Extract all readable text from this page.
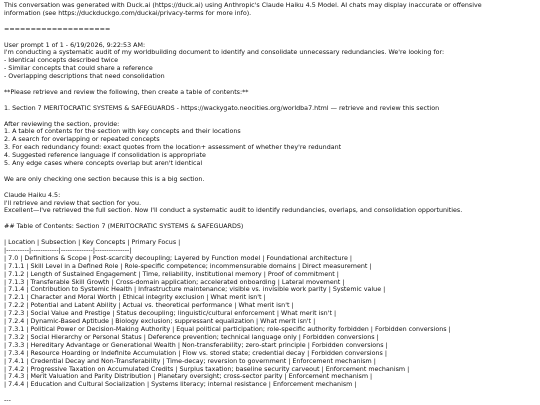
This conversation was generated with Duck.ai (https://duck.ai) using Anthropic's Claude Haiku 4.5 Model. AI chats may display inaccurate or offensive
information (see https://duckduckgo.com/duckai/privacy-terms for more info).
====================
User prompt 1 of 1 - 6/19/2026, 9:22:53 AM:
I'm conducting a systematic audit of my worldbuilding document to identify and consolidate unnecessary redundancies. We're looking for:
- Identical concepts described twice
- Similar concepts that could share a reference
- Overlapping descriptions that need consolidation
**Please retrieve and review the following, then create a table of contents:**
1. Section 7 MERITOCRATIC SYSTEMS & SAFEGUARDS - https://wackygato.neocities.org/worldba7.html — retrieve and review this section
After reviewing the section, provide:
1. A table of contents for the section with key concepts and their locations
2. A search for overlapping or repeated concepts
3. For each redundancy found: exact quotes from the location+ assessment of whether they're redundant
4. Suggested reference language if consolidation is appropriate
5. Any edge cases where concepts overlap but aren't identical
We are only checking one section because this is a big section.
Claude Haiku 4.5:
I'll retrieve and review that section for you.
Excellent—I've retrieved the full section. Now I'll conduct a systematic audit to identify redundancies, overlaps, and consolidation opportunities.
## Table of Contents: Section 7 (MERITOCRATIC SYSTEMS & SAFEGUARDS)
| Location | Subsection | Key Concepts | Primary Focus |
|----------|------------|--------------|---------------|
| 7.0 | Definitions & Scope | Post-scarcity decoupling; Layered by Function model | Foundational architecture |
| 7.1.1 | Skill Level in a Defined Role | Role-specific competence; incommensurable domains | Direct measurement |
| 7.1.2 | Length of Sustained Engagement | Time, reliability, institutional memory | Proof of commitment |
| 7.1.3 | Transferable Skill Growth | Cross-domain application; accelerated onboarding | Lateral movement |
| 7.1.4 | Contribution to Systemic Health | Infrastructure maintenance; visible vs. invisible work parity | Systemic value |
| 7.2.1 | Character and Moral Worth | Ethical integrity exclusion | What merit isn't |
| 7.2.2 | Potential and Latent Ability | Actual vs. theoretical performance | What merit isn't |
| 7.2.3 | Social Value and Prestige | Status decoupling; linguistic/cultural enforcement | What merit isn't |
| 7.2.4 | Dynamic-Based Aptitude | Biology exclusion; suppressant equalization | What merit isn't |
| 7.3.1 | Political Power or Decision-Making Authority | Equal political participation; role-specific authority forbidden | Forbidden conversions |
| 7.3.2 | Social Hierarchy or Personal Status | Deference prevention; technical language only | Forbidden conversions |
| 7.3.3 | Hereditary Advantage or Generational Wealth | Non-transferability; zero-start principle | Forbidden conversions |
| 7.3.4 | Resource Hoarding or Indefinite Accumulation | Flow vs. stored state; credential decay | Forbidden conversions |
| 7.4.1 | Credential Decay and Non-Transferability | Time-decay; reversion to government | Enforcement mechanism |
| 7.4.2 | Progressive Taxation on Accumulated Credits | Surplus taxation; baseline security carveout | Enforcement mechanism |
| 7.4.3 | Merit Valuation and Parity Distribution | Planetary oversight; cross-sector parity | Enforcement mechanism |
| 7.4.4 | Education and Cultural Socialization | Systems literacy; internal resistance | Enforcement mechanism |
---
